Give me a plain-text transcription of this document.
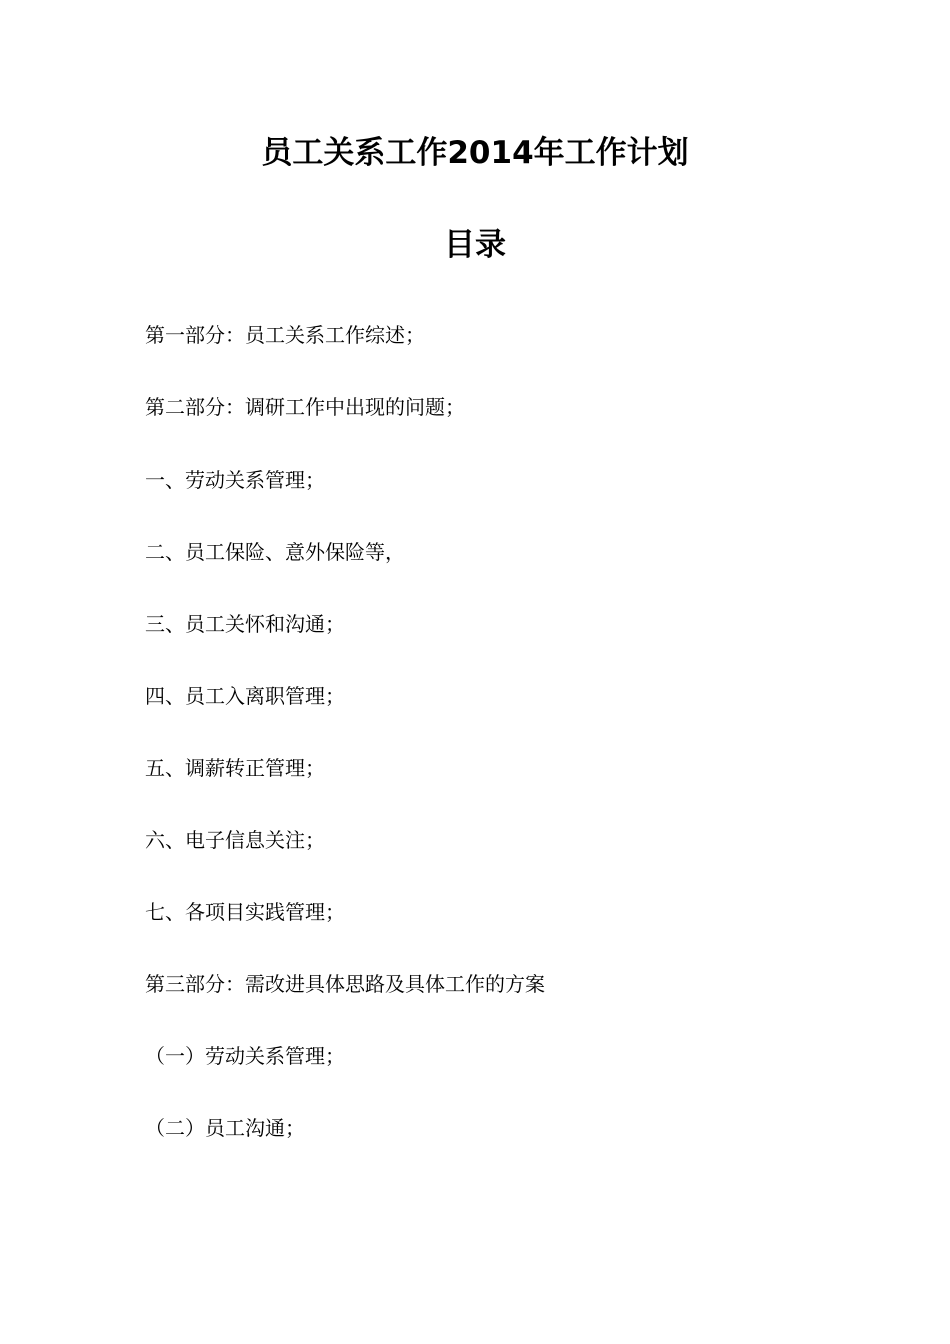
员工关系工作2014年工作计划
目录

第一部分：员工关系工作综述；

第二部分：调研工作中出现的问题；

一、劳动关系管理；

二、员工保险、意外保险等，

三、员工关怀和沟通；

四、员工入离职管理；

五、调薪转正管理；

六、电子信息关注；

七、各项目实践管理；

第三部分：需改进具体思路及具体工作的方案

（一）劳动关系管理；

（二）员工沟通；
